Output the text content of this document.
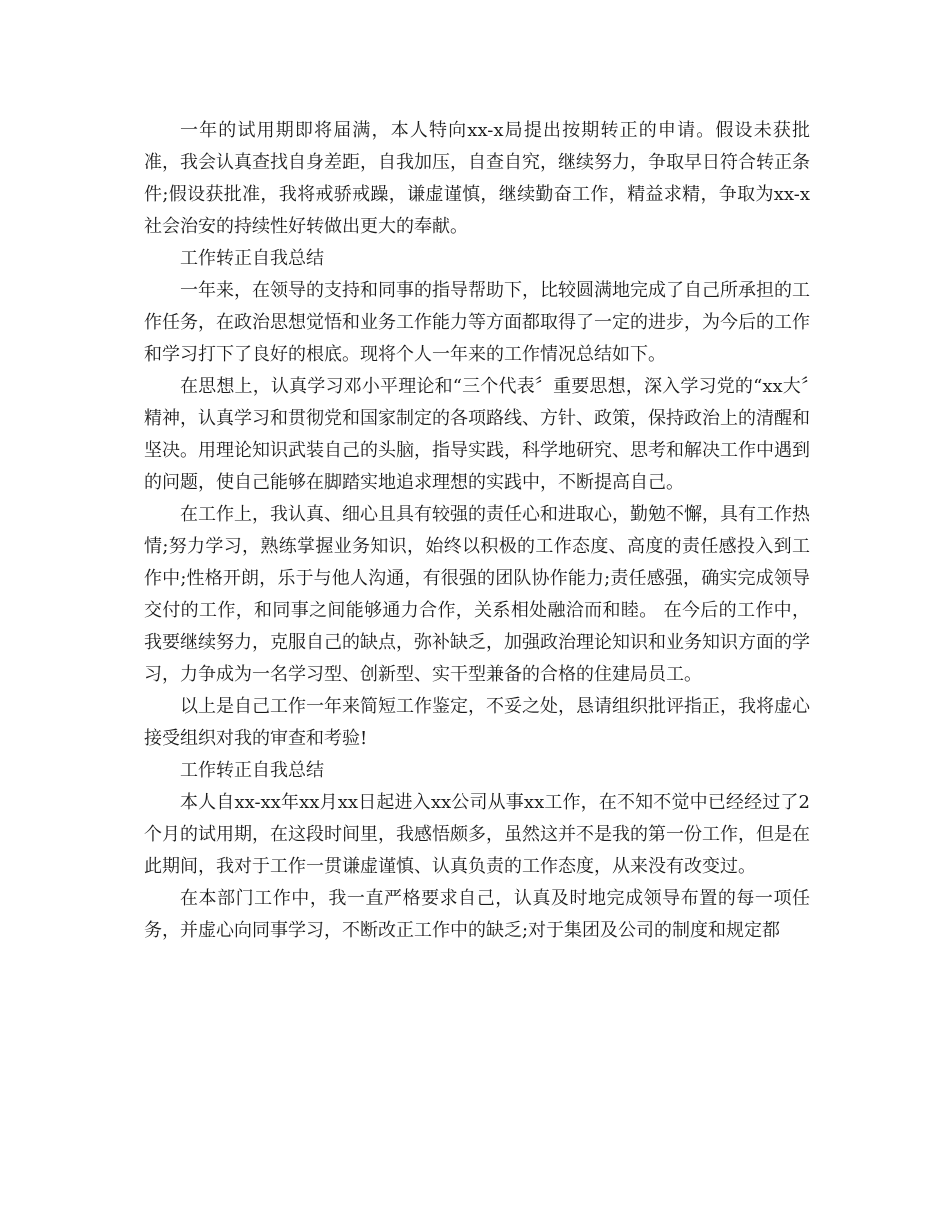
一年的试用期即将届满，本人特向xx-x局提出按期转正的申请。假设未获批准，我会认真查找自身差距，自我加压，自查自究，继续努力，争取早日符合转正条件;假设获批准，我将戒骄戒躁，谦虚谨慎，继续勤奋工作，精益求精，争取为xx-x社会治安的持续性好转做出更大的奉献。

工作转正自我总结

一年来，在领导的支持和同事的指导帮助下，比较圆满地完成了自己所承担的工作任务，在政治思想觉悟和业务工作能力等方面都取得了一定的进步，为今后的工作和学习打下了良好的根底。现将个人一年来的工作情况总结如下。

在思想上，认真学习邓小平理论和“三个代表〞重要思想，深入学习党的“xx大〞精神，认真学习和贯彻党和国家制定的各项路线、方针、政策，保持政治上的清醒和坚决。用理论知识武装自己的头脑，指导实践，科学地研究、思考和解决工作中遇到的问题，使自己能够在脚踏实地追求理想的实践中，不断提高自己。

在工作上，我认真、细心且具有较强的责任心和进取心，勤勉不懈，具有工作热情;努力学习，熟练掌握业务知识，始终以积极的工作态度、高度的责任感投入到工作中;性格开朗，乐于与他人沟通，有很强的团队协作能力;责任感强，确实完成领导交付的工作，和同事之间能够通力合作，关系相处融洽而和睦。 在今后的工作中，我要继续努力，克服自己的缺点，弥补缺乏，加强政治理论知识和业务知识方面的学习，力争成为一名学习型、创新型、实干型兼备的合格的住建局员工。

以上是自己工作一年来简短工作鉴定，不妥之处，恳请组织批评指正，我将虚心接受组织对我的审查和考验!

工作转正自我总结

本人自xx-xx年xx月xx日起进入xx公司从事xx工作，在不知不觉中已经经过了2个月的试用期，在这段时间里，我感悟颇多，虽然这并不是我的第一份工作，但是在此期间，我对于工作一贯谦虚谨慎、认真负责的工作态度，从来没有改变过。

在本部门工作中，我一直严格要求自己，认真及时地完成领导布置的每一项任务，并虚心向同事学习，不断改正工作中的缺乏;对于集团及公司的制度和规定都
